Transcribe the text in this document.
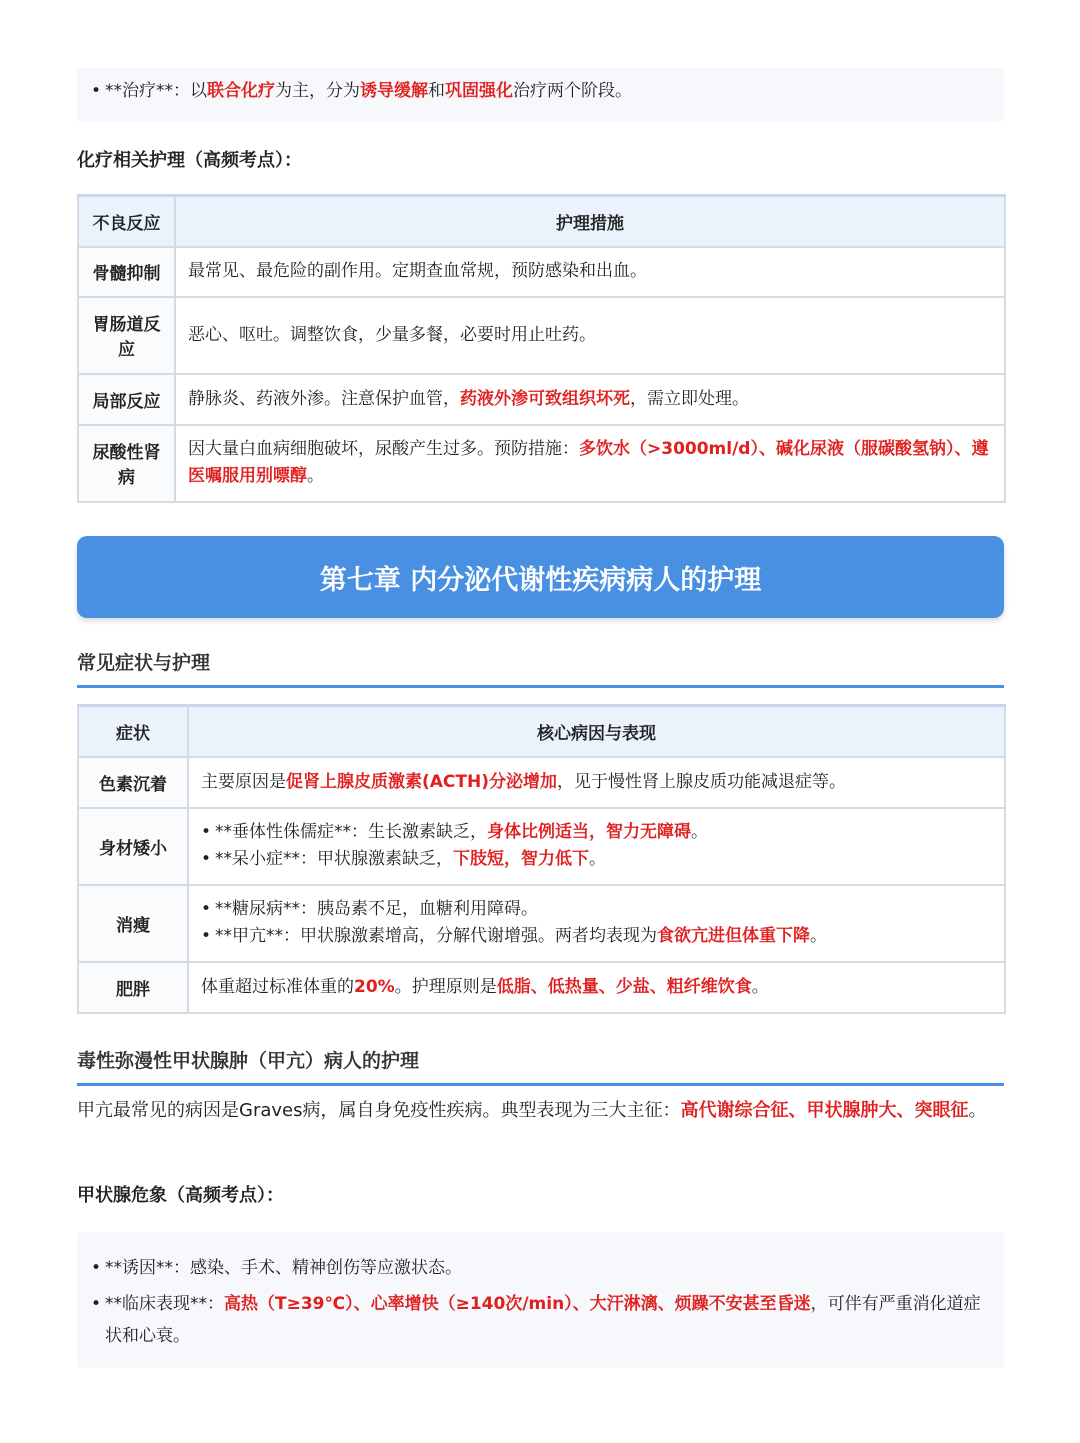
• **治疗**：以联合化疗为主，分为诱导缓解和巩固强化治疗两个阶段。
化疗相关护理（高频考点）：
不良反应	护理措施
骨髓抑制	最常见、最危险的副作用。定期查血常规，预防感染和出血。
胃肠道反应	恶心、呕吐。调整饮食，少量多餐，必要时用止吐药。
局部反应	静脉炎、药液外渗。注意保护血管，药液外渗可致组织坏死，需立即处理。
尿酸性肾病	因大量白血病细胞破坏，尿酸产生过多。预防措施：多饮水（>3000ml/d）、碱化尿液（服碳酸氢钠）、遵医嘱服用别嘌醇。
第七章 内分泌代谢性疾病病人的护理
常见症状与护理
症状	核心病因与表现
色素沉着	主要原因是促肾上腺皮质激素(ACTH)分泌增加，见于慢性肾上腺皮质功能减退症等。
身材矮小	• **垂体性侏儒症**：生长激素缺乏，身体比例适当，智力无障碍。
• **呆小症**：甲状腺激素缺乏，下肢短，智力低下。

消瘦	• **糖尿病**：胰岛素不足，血糖利用障碍。
• **甲亢**：甲状腺激素增高，分解代谢增强。两者均表现为食欲亢进但体重下降。

肥胖	体重超过标准体重的20%。护理原则是低脂、低热量、少盐、粗纤维饮食。
毒性弥漫性甲状腺肿（甲亢）病人的护理
甲亢最常见的病因是Graves病，属自身免疫性疾病。典型表现为三大主征：高代谢综合征、甲状腺肿大、突眼征。
甲状腺危象（高频考点）：
• **诱因**：感染、手术、精神创伤等应激状态。
• **临床表现**：高热（T≥39℃）、心率增快（≥140次/min）、大汗淋漓、烦躁不安甚至昏迷，可伴有严重消化道症状和心衰。
